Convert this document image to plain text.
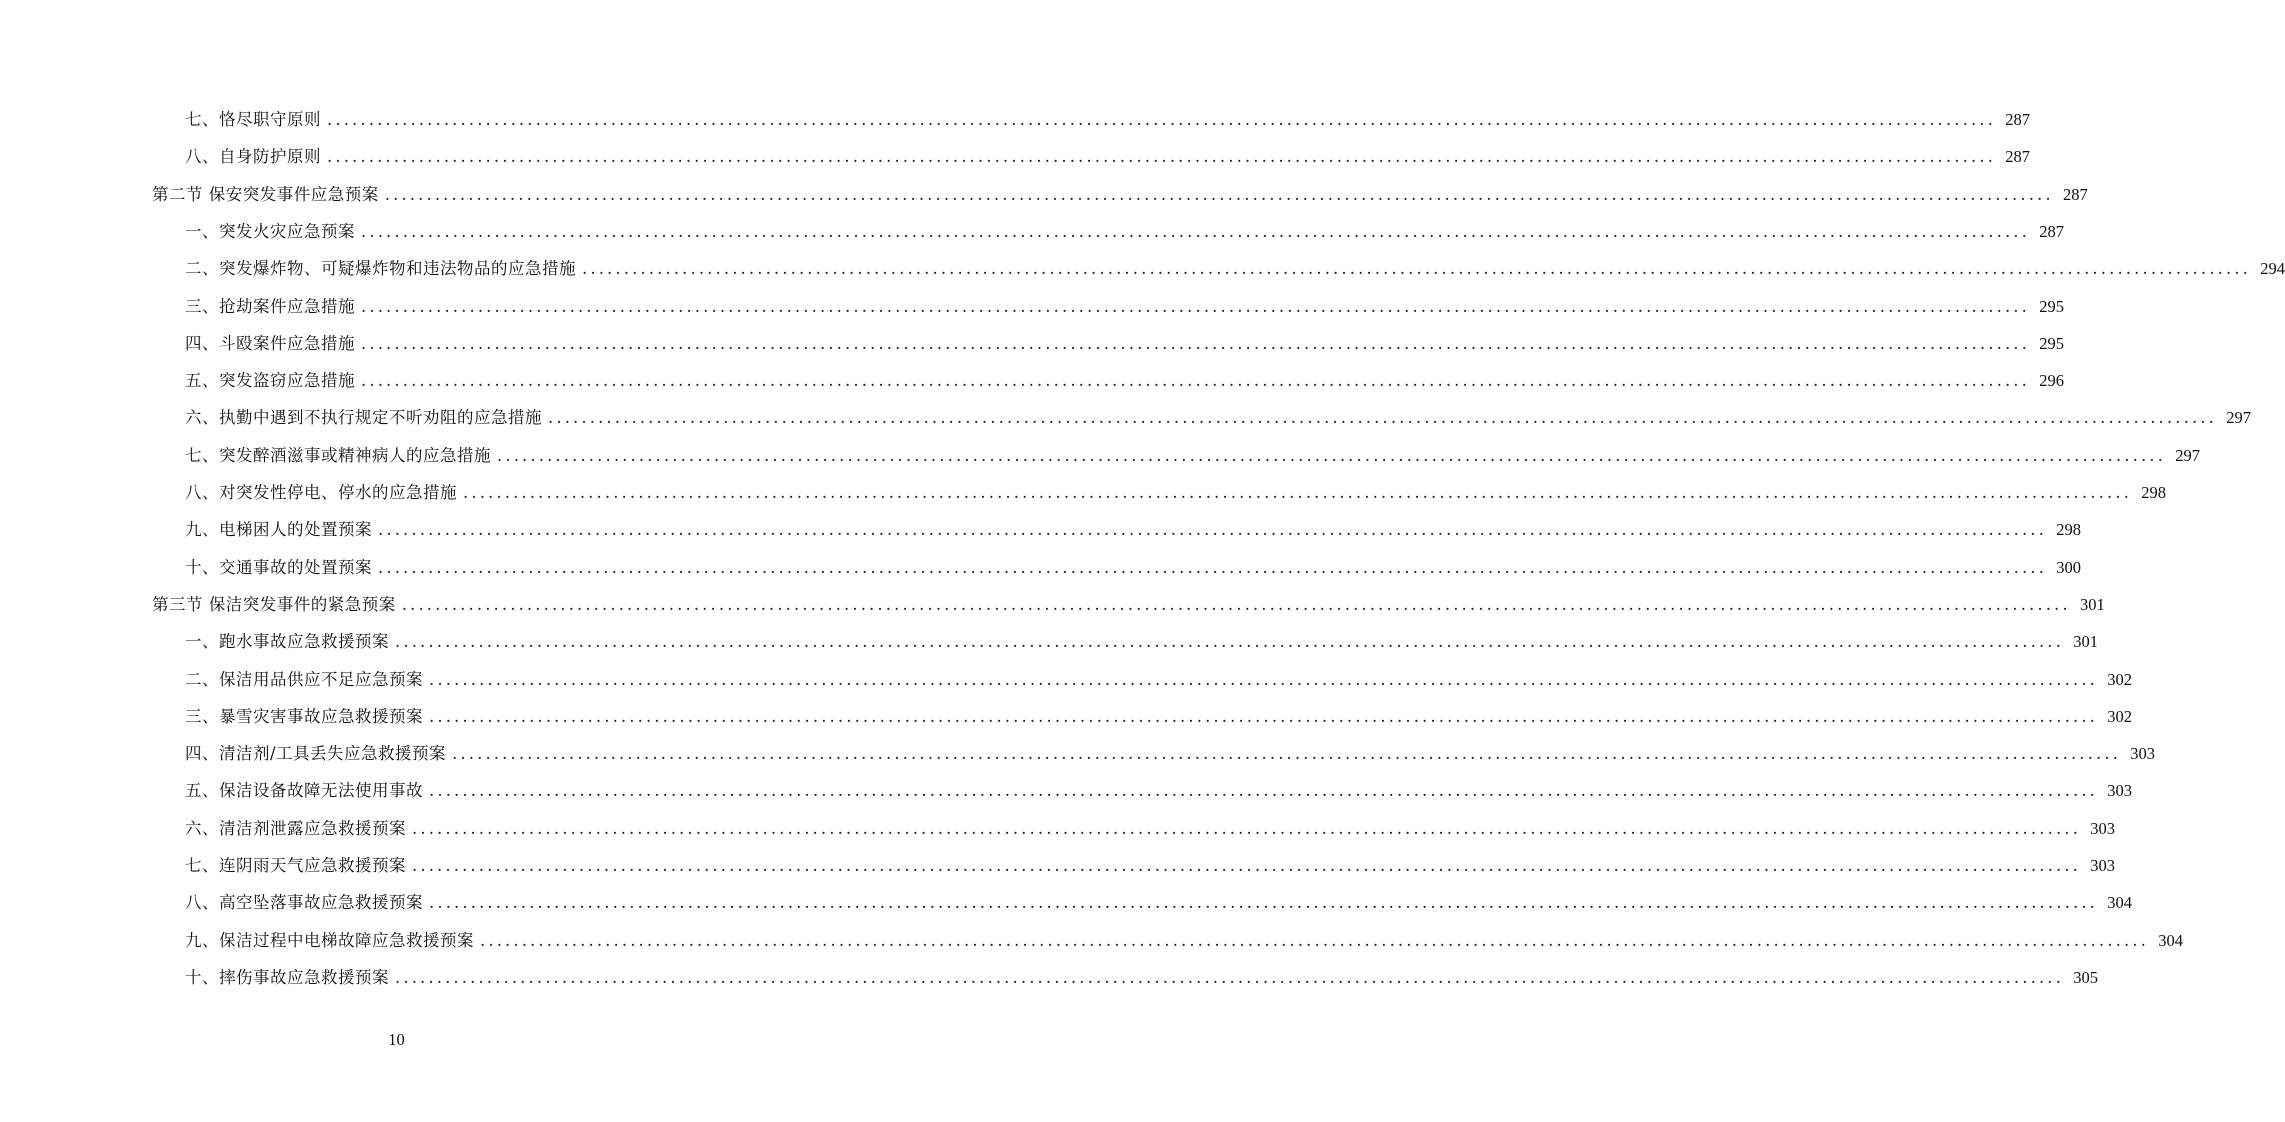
七、恪尽职守原则 ........................................................................................................................................................................................................ 287
八、自身防护原则 ........................................................................................................................................................................................................ 287
第二节 保安突发事件应急预案 ........................................................................................................................................................................................................ 287
一、突发火灾应急预案 ........................................................................................................................................................................................................ 287
二、突发爆炸物、可疑爆炸物和违法物品的应急措施 ........................................................................................................................................................................................................ 294
三、抢劫案件应急措施 ........................................................................................................................................................................................................ 295
四、斗殴案件应急措施 ........................................................................................................................................................................................................ 295
五、突发盗窃应急措施 ........................................................................................................................................................................................................ 296
六、执勤中遇到不执行规定不听劝阻的应急措施 ........................................................................................................................................................................................................ 297
七、突发醉酒滋事或精神病人的应急措施 ........................................................................................................................................................................................................ 297
八、对突发性停电、停水的应急措施 ........................................................................................................................................................................................................ 298
九、电梯困人的处置预案 ........................................................................................................................................................................................................ 298
十、交通事故的处置预案 ........................................................................................................................................................................................................ 300
第三节 保洁突发事件的紧急预案 ........................................................................................................................................................................................................ 301
一、跑水事故应急救援预案 ........................................................................................................................................................................................................ 301
二、保洁用品供应不足应急预案 ........................................................................................................................................................................................................ 302
三、暴雪灾害事故应急救援预案 ........................................................................................................................................................................................................ 302
四、清洁剂/工具丢失应急救援预案 ........................................................................................................................................................................................................ 303
五、保洁设备故障无法使用事故 ........................................................................................................................................................................................................ 303
六、清洁剂泄露应急救援预案 ........................................................................................................................................................................................................ 303
七、连阴雨天气应急救援预案 ........................................................................................................................................................................................................ 303
八、高空坠落事故应急救援预案 ........................................................................................................................................................................................................ 304
九、保洁过程中电梯故障应急救援预案 ........................................................................................................................................................................................................ 304
十、摔伤事故应急救援预案 ........................................................................................................................................................................................................ 305
10
